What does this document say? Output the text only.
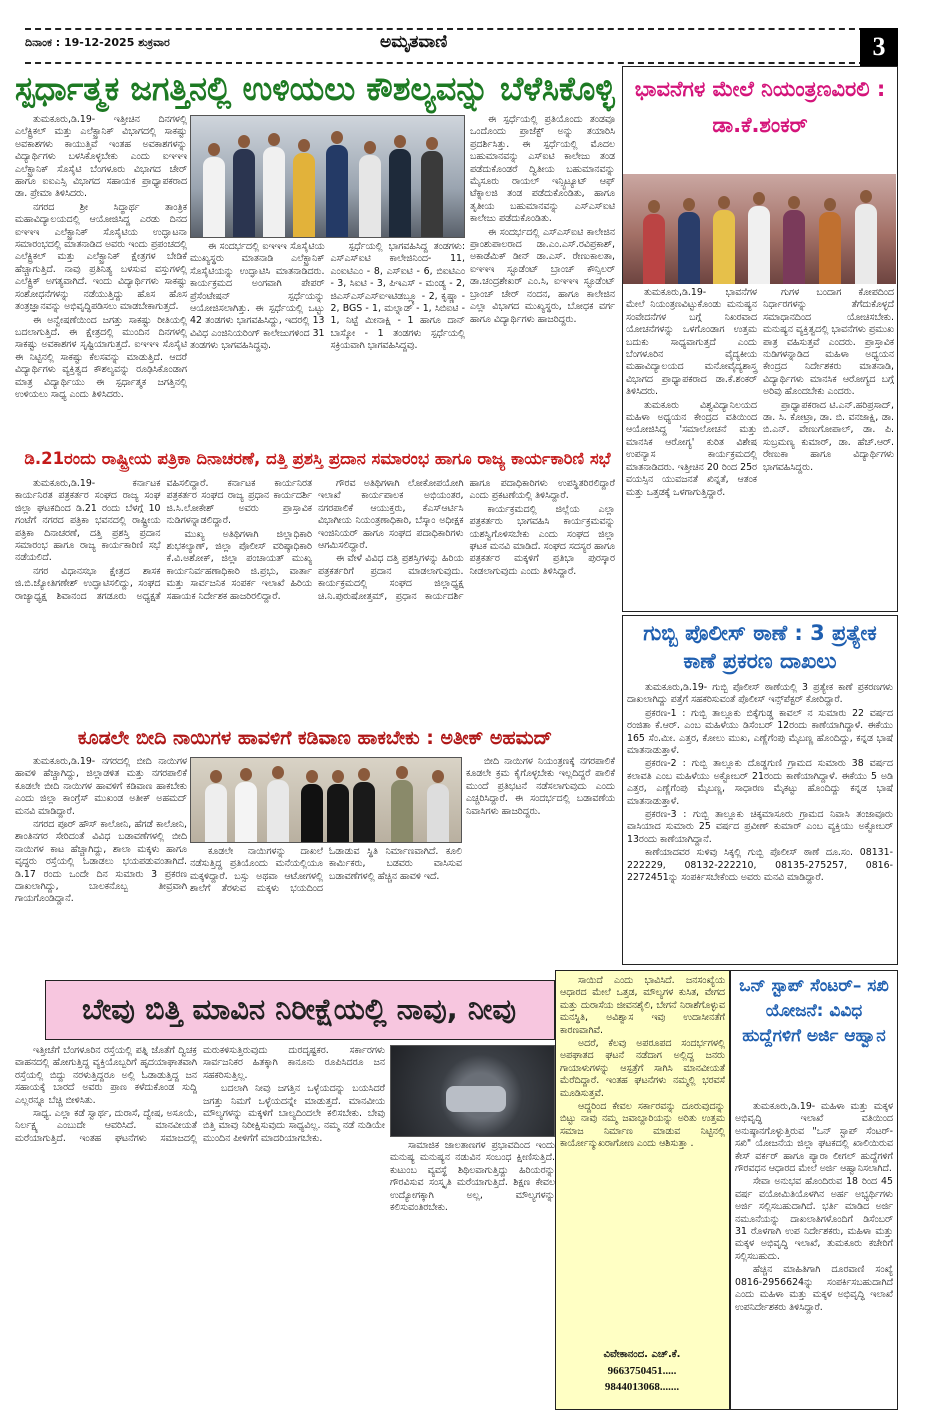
ದಿನಾಂಕ : 19-12-2025 ಶುಕ್ರವಾರ	ಅಮೃತವಾಣಿ	3
ಸ್ಪರ್ಧಾತ್ಮಕ ಜಗತ್ತಿನಲ್ಲಿ ಉಳಿಯಲು ಕೌಶಲ್ಯವನ್ನು ಬೆಳೆಸಿಕೊಳ್ಳಿ

ತುಮಕೂರು,ಡಿ.19- ಇತ್ತೀಚಿನ ದಿನಗಳಲ್ಲಿ ಎಲೆಕ್ಟ್ರಿಕಲ್ ಮತ್ತು ಎಲೆಕ್ಟ್ರಾನಿಕ್ ವಿಭಾಗದಲ್ಲಿ ಸಾಕಷ್ಟು ಅವಕಾಶಗಳು ಕಾಯುತ್ತಿವೆ ಇಂತಹ ಅವಕಾಶಗಳನ್ನು ವಿದ್ಯಾರ್ಥಿಗಳು ಬಳಸಿಕೊಳ್ಳಬೇಕು ಎಂದು ಐಇಇಇ ಎಲೆಕ್ಟ್ರಾನಿಕ್ ಸೊಸೈಟಿ ಬೆಂಗಳೂರು ವಿಭಾಗದ ಚೇರ್ ಹಾಗೂ ಐಐಎಸ್ಸಿ ವಿಭಾಗದ ಸಹಾಯಕ ಪ್ರಾಧ್ಯಾಪಕರಾದ ಡಾ. ಪ್ರೇಮಾ ತಿಳಿಸಿದರು.

ನಗರದ ಶ್ರೀ ಸಿದ್ಧಾರ್ಥ ತಾಂತ್ರಿಕ ಮಹಾವಿದ್ಯಾಲಯದಲ್ಲಿ ಆಯೋಜಿಸಿದ್ದ ಎರಡು ದಿನದ ಐಇಇಇ ಎಲೆಕ್ಟ್ರಾನಿಕ್ ಸೊಸೈಟಿಯ ಉದ್ಘಾಟನಾ ಸಮಾರಂಭದಲ್ಲಿ ಮಾತನಾಡಿದ ಅವರು ಇಂದು ಪ್ರಪಂಚದಲ್ಲಿ ಎಲೆಕ್ಟ್ರಿಕಲ್ ಮತ್ತು ಎಲೆಕ್ಟ್ರಾನಿಕ್ ಕ್ಷೇತ್ರಗಳ ಬೇಡಿಕೆ ಹೆಚ್ಚಾಗುತ್ತಿದೆ. ನಾವು ಪ್ರತಿನಿತ್ಯ ಬಳಸುವ ವಸ್ತುಗಳಲ್ಲಿ ಎಲೆಕ್ಟ್ರಿಕ್ ಅಗತ್ಯವಾಗಿದೆ. ಇಂದು ವಿದ್ಯಾರ್ಥಿಗಳು ಸಾಕಷ್ಟು ಸಂಶೋಧನೆಗಳನ್ನು ನಡೆಯುತ್ತಿದ್ದು ಹೊಸ ಹೊಸ ತಂತ್ರಜ್ಞಾನವನ್ನು ಅಭಿವೃದ್ಧಿಪಡಿಸಲು ಮಾಡಬೇಕಾಗುತ್ತದೆ.

ಈ ಅನ್ವೇಷಣೆಯಿಂದ ಜಗತ್ತು ಸಾಕಷ್ಟು ರೀತಿಯಲ್ಲಿ ಬದಲಾಗುತ್ತಿದೆ. ಈ ಕ್ಷೇತ್ರದಲ್ಲಿ ಮುಂದಿನ ದಿನಗಳಲ್ಲಿ ಸಾಕಷ್ಟು ಅವಕಾಶಗಳ ಸೃಷ್ಟಿಯಾಗುತ್ತದೆ. ಐಇಇಇ ಸೊಸೈಟಿ ಈ ನಿಟ್ಟಿನಲ್ಲಿ ಸಾಕಷ್ಟು ಕೆಲಸವನ್ನು ಮಾಡುತ್ತಿದೆ. ಆದರೆ ವಿದ್ಯಾರ್ಥಿಗಳು ವ್ಯಕ್ತಿತ್ವದ ಕೌಶಲ್ಯವನ್ನು ರೂಢಿಸಿಕೊಂಡಾಗ ಮಾತ್ರ ವಿದ್ಯಾರ್ಥಿಯು ಈ ಸ್ಪರ್ಧಾತ್ಮಕ ಜಗತ್ತಿನಲ್ಲಿ ಉಳಿಯಲು ಸಾಧ್ಯ ಎಂದು ತಿಳಿಸಿದರು.

ಈ ಸಂದರ್ಭದಲ್ಲಿ ಐಇಇಇ ಸೊಸೈಟಿಯ ಮುಖ್ಯಸ್ಥರು ಮಾತನಾಡಿ ಎಲೆಕ್ಟ್ರಾನಿಕ್ ಸೊಸೈಟಿಯನ್ನು ಉದ್ಘಾಟಿಸಿ ಮಾತನಾಡಿದರು. ಕಾರ್ಯಕ್ರಮದ ಅಂಗವಾಗಿ ಪೇಪರ್ ಪ್ರೆಸೆಂಟೇಷನ್ ಸ್ಪರ್ಧೆಯನ್ನು ಆಯೋಜಿಸಲಾಗಿತ್ತು. ಈ ಸ್ಪರ್ಧೆಯಲ್ಲಿ ಒಟ್ಟು 42 ತಂಡಗಳು ಭಾಗವಹಿಸಿದ್ದು, ಇದರಲ್ಲಿ 13 ವಿವಿಧ ಎಂಜಿನಿಯರಿಂಗ್ ಕಾಲೇಜುಗಳಿಂದ 31 ತಂಡಗಳು ಭಾಗವಹಿಸಿದ್ದವು.

ಸ್ಪರ್ಧೆಯಲ್ಲಿ ಭಾಗವಹಿಸಿದ್ದ ತಂಡಗಳು: ಎಸ್ಎಸ್ಐಟಿ ಕಾಲೇಜಿನಿಂದ- 11, ಎಂಐಟಿಎಂ - 8, ಎಸ್ಐಟಿ - 6, ಬಿಐಟಿಎಂ - 3, ಸಿಐಟಿ - 3, ಪಿಇಎಸ್ - ಮಂಡ್ಯ - 2, ಜಿಎಸ್ಎಸ್ಎಸ್ಐಇಟಿಡಬ್ಲ್ಯೂ - 2, ಕೃಷ್ಣಾ - 2, BGS - 1, ಮಲ್ನಾಡ್ - 1, ಸಿಬಿಐಟಿ - 1, ನಿಟ್ಟೆ ಮೀನಾಕ್ಷಿ - 1 ಹಾಗೂ ದಾನ್ ಬಾಸ್ಕೋ - 1 ತಂಡಗಳು ಸ್ಪರ್ಧೆಯಲ್ಲಿ ಸಕ್ರಿಯವಾಗಿ ಭಾಗವಹಿಸಿದ್ದವು.

ಈ ಸ್ಪರ್ಧೆಯಲ್ಲಿ ಪ್ರತಿಯೊಂದು ತಂಡವೂ ಒಂದೊಂದು ಪ್ರಾಜೆಕ್ಟ್ ಅನ್ನು ತಯಾರಿಸಿ ಪ್ರದರ್ಶಿಸಿತ್ತು. ಈ ಸ್ಪರ್ಧೆಯಲ್ಲಿ ಮೊದಲ ಬಹುಮಾನವನ್ನು ಎಸ್ಐಟಿ ಕಾಲೇಜು ತಂಡ ಪಡೆದುಕೊಂಡರೆ ದ್ವಿತೀಯ ಬಹುಮಾನವನ್ನು ಮೈಸೂರು ರಾಯಲ್ ಇನ್ಸ್ಟಿಟ್ಯೂಟ್ ಆಫ್ ಟೆಕ್ನಾಲಜಿ ತಂಡ ಪಡೆದುಕೊಂಡಿತು, ಹಾಗೂ ತೃತೀಯ ಬಹುಮಾನವನ್ನು ಎಸ್ಎಸ್ಐಟಿ ಕಾಲೇಜು ಪಡೆದುಕೊಂಡಿತು.

ಈ ಸಂದರ್ಭದಲ್ಲಿ ಎಸ್ಎಸ್ಐಟಿ ಕಾಲೇಜಿನ ಪ್ರಾಂಶುಪಾಲರಾದ ಡಾ.ಎಂ.ಎಸ್.ರವಿಪ್ರಕಾಶ್, ಅಕಾಡೆಮಿಕ್ ಡೀನ್ ಡಾ.ಎಸ್. ರೇಣುಕಾಲತಾ, ಐಇಇಇ ಸ್ಟೂಡೆಂಟ್ ಬ್ರಾಂಚ್ ಕೌನ್ಸಿಲರ್ ಡಾ.ಚಂದ್ರಶೇಖರ್ ಎಂ.ಸಿ, ಐಇಇಇ ಸ್ಟೂಡೆಂಟ್ ಬ್ರಾಂಚ್ ಚೇರ್ ನಂದನ, ಹಾಗೂ ಕಾಲೇಜಿನ ಎಲ್ಲಾ ವಿಭಾಗದ ಮುಖ್ಯಸ್ಥರು, ಬೋಧಕ ವರ್ಗ ಹಾಗೂ ವಿದ್ಯಾರ್ಥಿಗಳು ಹಾಜರಿದ್ದರು.

ಡಿ.21ರಂದು ರಾಷ್ಟ್ರೀಯ ಪತ್ರಿಕಾ ದಿನಾಚರಣೆ, ದತ್ತಿ ಪ್ರಶಸ್ತಿ ಪ್ರದಾನ ಸಮಾರಂಭ ಹಾಗೂ ರಾಜ್ಯ ಕಾರ್ಯಕಾರಿಣಿ ಸಭೆ

ತುಮಕೂರು,ಡಿ.19- ಕರ್ನಾಟಕ ಕಾರ್ಯನಿರತ ಪತ್ರಕರ್ತರ ಸಂಘದ ರಾಜ್ಯ ಸಂಘ ಜಿಲ್ಲಾ ಘಟಕದಿಂದ ಡಿ.21 ರಂದು ಬೆಳಗ್ಗೆ 10 ಗಂಟೆಗೆ ನಗರದ ಪತ್ರಿಕಾ ಭವನದಲ್ಲಿ ರಾಷ್ಟ್ರೀಯ ಪತ್ರಿಕಾ ದಿನಾಚರಣೆ, ದತ್ತಿ ಪ್ರಶಸ್ತಿ ಪ್ರದಾನ ಸಮಾರಂಭ ಹಾಗೂ ರಾಜ್ಯ ಕಾರ್ಯಕಾರಿಣಿ ಸಭೆ ನಡೆಯಲಿದೆ.

ನಗರ ವಿಧಾನಸಭಾ ಕ್ಷೇತ್ರದ ಶಾಸಕ ಜಿ.ಬಿ.ಜ್ಯೋತಿಗಣೇಶ್ ಉದ್ಘಾಟಿಸಲಿದ್ದು, ಸಂಘದ ರಾಜ್ಯಾಧ್ಯಕ್ಷ ಶಿವಾನಂದ ತಗಡೂರು ಅಧ್ಯಕ್ಷತೆ ವಹಿಸಲಿದ್ದಾರೆ. ಕರ್ನಾಟಕ ಕಾರ್ಯನಿರತ ಪತ್ರಕರ್ತರ ಸಂಘದ ರಾಜ್ಯ ಪ್ರಧಾನ ಕಾರ್ಯದರ್ಶಿ ಜಿ.ಸಿ.ಲೋಕೇಶ್ ಅವರು ಪ್ರಾಸ್ತಾವಿಕ ನುಡಿಗಳನ್ನಾಡಲಿದ್ದಾರೆ.

ಮುಖ್ಯ ಅತಿಥಿಗಳಾಗಿ ಜಿಲ್ಲಾಧಿಕಾರಿ ಶುಭಕಲ್ಯಾಣ್, ಜಿಲ್ಲಾ ಪೊಲೀಸ್ ವರಿಷ್ಠಾಧಿಕಾರಿ ಕೆ.ವಿ.ಅಶೋಕ್, ಜಿಲ್ಲಾ ಪಂಚಾಯತ್ ಮುಖ್ಯ ಕಾರ್ಯನಿರ್ವಹಣಾಧಿಕಾರಿ ಜಿ.ಪ್ರಭು, ವಾರ್ತಾ ಮತ್ತು ಸಾರ್ವಜನಿಕ ಸಂಪರ್ಕ ಇಲಾಖೆ ಹಿರಿಯ ಸಹಾಯಕ ನಿರ್ದೇಶಕ ಹಾಜರಿರಲಿದ್ದಾರೆ.

ಗೌರವ ಅತಿಥಿಗಳಾಗಿ ಲೋಕೋಪಯೋಗಿ ಇಲಾಖೆ ಕಾರ್ಯಪಾಲಕ ಅಭಿಯಂತರ, ನಗರಪಾಲಿಕೆ ಆಯುಕ್ತರು, ಕೆಎಸ್ಆರ್ಟಿಸಿ ವಿಭಾಗೀಯ ನಿಯಂತ್ರಣಾಧಿಕಾರಿ, ಬೆಸ್ಕಾಂ ಅಧೀಕ್ಷಕ ಇಂಜಿನಿಯರ್ ಹಾಗೂ ಸಂಘದ ಪದಾಧಿಕಾರಿಗಳು ಆಗಮಿಸಲಿದ್ದಾರೆ.

ಈ ವೇಳೆ ವಿವಿಧ ದತ್ತಿ ಪ್ರಶಸ್ತಿಗಳನ್ನು ಹಿರಿಯ ಪತ್ರಕರ್ತರಿಗೆ ಪ್ರದಾನ ಮಾಡಲಾಗುವುದು. ಕಾರ್ಯಕ್ರಮದಲ್ಲಿ ಸಂಘದ ಜಿಲ್ಲಾಧ್ಯಕ್ಷ ಚಿ.ನಿ.ಪುರುಷೋತ್ತಮ್, ಪ್ರಧಾನ ಕಾರ್ಯದರ್ಶಿ ಹಾಗೂ ಪದಾಧಿಕಾರಿಗಳು ಉಪಸ್ಥಿತರಿರಲಿದ್ದಾರೆ ಎಂದು ಪ್ರಕಟಣೆಯಲ್ಲಿ ತಿಳಿಸಿದ್ದಾರೆ.

ಕಾರ್ಯಕ್ರಮದಲ್ಲಿ ಜಿಲ್ಲೆಯ ಎಲ್ಲಾ ಪತ್ರಕರ್ತರು ಭಾಗವಹಿಸಿ ಕಾರ್ಯಕ್ರಮವನ್ನು ಯಶಸ್ವಿಗೊಳಿಸಬೇಕು ಎಂದು ಸಂಘದ ಜಿಲ್ಲಾ ಘಟಕ ಮನವಿ ಮಾಡಿದೆ. ಸಂಘದ ಸದಸ್ಯರ ಹಾಗೂ ಪತ್ರಕರ್ತರ ಮಕ್ಕಳಿಗೆ ಪ್ರತಿಭಾ ಪುರಸ್ಕಾರ ನೀಡಲಾಗುವುದು ಎಂದು ತಿಳಿಸಿದ್ದಾರೆ.

ಕೂಡಲೇ ಬೀದಿ ನಾಯಿಗಳ ಹಾವಳಿಗೆ ಕಡಿವಾಣ ಹಾಕಬೇಕು : ಅತೀಕ್ ಅಹಮದ್

ತುಮಕೂರು,ಡಿ.19- ನಗರದಲ್ಲಿ ಬೀದಿ ನಾಯಿಗಳ ಹಾವಳಿ ಹೆಚ್ಚಾಗಿದ್ದು, ಜಿಲ್ಲಾಡಳಿತ ಮತ್ತು ನಗರಪಾಲಿಕೆ ಕೂಡಲೇ ಬೀದಿ ನಾಯಿಗಳ ಹಾವಳಿಗೆ ಕಡಿವಾಣ ಹಾಕಬೇಕು ಎಂದು ಜಿಲ್ಲಾ ಕಾಂಗ್ರೆಸ್ ಮುಖಂಡ ಅತೀಕ್ ಅಹಮದ್ ಮನವಿ ಮಾಡಿದ್ದಾರೆ.

ನಗರದ ಪೂರ್ ಹೌಸ್ ಕಾಲೋನಿ, ಹೆಗಡೆ ಕಾಲೋನಿ, ಶಾಂತಿನಗರ ಸೇರಿದಂತೆ ವಿವಿಧ ಬಡಾವಣೆಗಳಲ್ಲಿ ಬೀದಿ ನಾಯಿಗಳ ಕಾಟ ಹೆಚ್ಚಾಗಿದ್ದು, ಶಾಲಾ ಮಕ್ಕಳು ಹಾಗೂ ವೃದ್ಧರು ರಸ್ತೆಯಲ್ಲಿ ಓಡಾಡಲು ಭಯಪಡುವಂತಾಗಿದೆ. ಡಿ.17 ರಂದು ಒಂದೇ ದಿನ ಸುಮಾರು 3 ಪ್ರಕರಣ ದಾಖಲಾಗಿದ್ದು, ಬಾಲಕನೊಬ್ಬ ತೀವ್ರವಾಗಿ ಗಾಯಗೊಂಡಿದ್ದಾನೆ.

ಕೂಡಲೇ ನಾಯಿಗಳನ್ನು ದಾಖಲೆ ನಡೆಸುತ್ತಿದ್ದ ಪ್ರತಿಯೊಂದು ಮನೆಯಲ್ಲಿಯೂ ಮಕ್ಕಳಿದ್ದಾರೆ. ಬಸ್ಸು ಅಥವಾ ಆಟೋಗಳಲ್ಲಿ ಶಾಲೆಗೆ ತೆರಳುವ ಮಕ್ಕಳು ಭಯದಿಂದ ಓಡಾಡುವ ಸ್ಥಿತಿ ನಿರ್ಮಾಣವಾಗಿದೆ. ಕೂಲಿ ಕಾರ್ಮಿಕರು, ಬಡವರು ವಾಸಿಸುವ ಬಡಾವಣೆಗಳಲ್ಲಿ ಹೆಚ್ಚಿನ ಹಾವಳಿ ಇದೆ.

ಬೀದಿ ನಾಯಿಗಳ ನಿಯಂತ್ರಣಕ್ಕೆ ನಗರಪಾಲಿಕೆ ಕೂಡಲೇ ಕ್ರಮ ಕೈಗೊಳ್ಳಬೇಕು ಇಲ್ಲದಿದ್ದರೆ ಪಾಲಿಕೆ ಮುಂದೆ ಪ್ರತಿಭಟನೆ ನಡೆಸಲಾಗುವುದು ಎಂದು ಎಚ್ಚರಿಸಿದ್ದಾರೆ. ಈ ಸಂದರ್ಭದಲ್ಲಿ ಬಡಾವಣೆಯ ನಿವಾಸಿಗಳು ಹಾಜರಿದ್ದರು.

ಭಾವನೆಗಳ ಮೇಲೆ ನಿಯಂತ್ರಣವಿರಲಿ : ಡಾ.ಕೆ.ಶಂಕರ್

ತುಮಕೂರು,ಡಿ.19- ಭಾವನೆಗಳ ಮೇಲೆ ನಿಯಂತ್ರಣವಿಟ್ಟುಕೊಂಡು ಮನುಷ್ಯನ ಸಂವೇದನೆಗಳ ಬಗ್ಗೆ ನಿಖರವಾದ ಯೋಚನೆಗಳನ್ನು ಒಳಗೊಂಡಾಗ ಉತ್ತಮ ಬದುಕು ಸಾಧ್ಯವಾಗುತ್ತದೆ ಎಂದು ಬೆಂಗಳೂರಿನ ವೈದ್ಯಕೀಯ ಮಹಾವಿದ್ಯಾಲಯದ ಮನೋವೈದ್ಯಶಾಸ್ತ್ರ ವಿಭಾಗದ ಪ್ರಾಧ್ಯಾಪಕರಾದ ಡಾ.ಕೆ.ಶಂಕರ್ ತಿಳಿಸಿದರು.

ತುಮಕೂರು ವಿಶ್ವವಿದ್ಯಾನಿಲಯದ ಮಹಿಳಾ ಅಧ್ಯಯನ ಕೇಂದ್ರದ ವತಿಯಿಂದ ಆಯೋಜಿಸಿದ್ದ 'ಸಮಾಲೋಚನೆ ಮತ್ತು ಮಾನಸಿಕ ಆರೋಗ್ಯ' ಕುರಿತ ವಿಶೇಷ ಉಪನ್ಯಾಸ ಕಾರ್ಯಕ್ರಮದಲ್ಲಿ ಮಾತನಾಡಿದರು. ಇತ್ತೀಚಿನ 20 ರಿಂದ 25ರ ವಯಸ್ಸಿನ ಯುವಜನತೆ ಖಿನ್ನತೆ, ಆತಂಕ ಮತ್ತು ಒತ್ತಡಕ್ಕೆ ಒಳಗಾಗುತ್ತಿದ್ದಾರೆ.

ಗುಗಳ ಬಂದಾಗ ಕೋಪದಿಂದ ನಿರ್ಧಾರಗಳನ್ನು ತೆಗೆದುಕೊಳ್ಳದೆ ಸಮಾಧಾನದಿಂದ ಯೋಚಿಸಬೇಕು. ಮನುಷ್ಯನ ವ್ಯಕ್ತಿತ್ವದಲ್ಲಿ ಭಾವನೆಗಳು ಪ್ರಮುಖ ಪಾತ್ರ ವಹಿಸುತ್ತವೆ ಎಂದರು. ಪ್ರಾಸ್ತಾವಿಕ ನುಡಿಗಳನ್ನಾಡಿದ ಮಹಿಳಾ ಅಧ್ಯಯನ ಕೇಂದ್ರದ ನಿರ್ದೇಶಕರು ಮಾತನಾಡಿ, ವಿದ್ಯಾರ್ಥಿಗಳು ಮಾನಸಿಕ ಆರೋಗ್ಯದ ಬಗ್ಗೆ ಅರಿವು ಹೊಂದಬೇಕು ಎಂದರು.

ಪ್ರಾಧ್ಯಾಪಕರಾದ ಟಿ.ಎನ್.ಹರಿಪ್ರಸಾದ್, ಡಾ. ಸಿ. ಕೋಟ್ರಾ, ಡಾ. ಬಿ. ವನಜಾಕ್ಷಿ, ಡಾ. ಬಿ.ಎನ್. ವೇಣುಗೋಪಾಲ್, ಡಾ. ಪಿ. ಸುಬ್ರಮಣ್ಯ ಕುಮಾರ್, ಡಾ. ಹೆಚ್.ಆರ್. ರೇಣುಕಾ ಹಾಗೂ ವಿದ್ಯಾರ್ಥಿಗಳು ಭಾಗವಹಿಸಿದ್ದರು.

ಗುಬ್ಬಿ ಪೊಲೀಸ್ ಠಾಣೆ : 3 ಪ್ರತ್ಯೇಕ ಕಾಣೆ ಪ್ರಕರಣ ದಾಖಲು

ತುಮಕೂರು,ಡಿ.19- ಗುಬ್ಬಿ ಪೊಲೀಸ್ ಠಾಣೆಯಲ್ಲಿ 3 ಪ್ರತ್ಯೇಕ ಕಾಣೆ ಪ್ರಕರಣಗಳು ದಾಖಲಾಗಿದ್ದು ಪತ್ತೆಗೆ ಸಹಕರಿಸುವಂತೆ ಪೊಲೀಸ್ ಇನ್ಸ್‌ಪೆಕ್ಟರ್ ಕೋರಿದ್ದಾರೆ.

ಪ್ರಕರಣ-1 : ಗುಬ್ಬಿ ತಾಲ್ಲೂಕು ಬಿಕ್ಕೆಗುಡ್ಡ ಕಾವಲ್ ನ ಸುಮಾರು 22 ವರ್ಷದ ರಂಜಿತಾ ಕೆ.ಆರ್. ಎಂಬ ಮಹಿಳೆಯು ಡಿಸೆಂಬರ್ 12ರಂದು ಕಾಣೆಯಾಗಿದ್ದಾಳೆ. ಈಕೆಯು 165 ಸೆಂ.ಮೀ. ಎತ್ತರ, ಕೋಲು ಮುಖ, ಎಣ್ಣೆಗೆಂಪು ಮೈಬಣ್ಣ ಹೊಂದಿದ್ದು, ಕನ್ನಡ ಭಾಷೆ ಮಾತನಾಡುತ್ತಾಳೆ.

ಪ್ರಕರಣ-2 : ಗುಬ್ಬಿ ತಾಲ್ಲೂಕು ದೊಡ್ಡಗುಣಿ ಗ್ರಾಮದ ಸುಮಾರು 38 ವರ್ಷದ ಕಲಾವತಿ ಎಂಬ ಮಹಿಳೆಯು ಅಕ್ಟೋಬರ್ 21ರಂದು ಕಾಣೆಯಾಗಿದ್ದಾಳೆ. ಈಕೆಯು 5 ಅಡಿ ಎತ್ತರ, ಎಣ್ಣೆಗೆಂಪು ಮೈಬಣ್ಣ, ಸಾಧಾರಣ ಮೈಕಟ್ಟು ಹೊಂದಿದ್ದು ಕನ್ನಡ ಭಾಷೆ ಮಾತನಾಡುತ್ತಾಳೆ.

ಪ್ರಕರಣ-3 : ಗುಬ್ಬಿ ತಾಲ್ಲೂಕು ಚಿಕ್ಕಮಾಸೂರು ಗ್ರಾಮದ ನಿವಾಸಿ ತಂಜಾವೂರು ವಾಸಿಯಾದ ಸುಮಾರು 25 ವರ್ಷದ ಪ್ರವೀಣ್ ಕುಮಾರ್ ಎಂಬ ವ್ಯಕ್ತಿಯು ಅಕ್ಟೋಬರ್ 13ರಂದು ಕಾಣೆಯಾಗಿದ್ದಾನೆ.

ಕಾಣೆಯಾದವರ ಸುಳಿವು ಸಿಕ್ಕಲ್ಲಿ ಗುಬ್ಬಿ ಪೊಲೀಸ್ ಠಾಣೆ ದೂ.ಸಂ. 08131-222229, 08132-222210, 08135-275257, 0816-2272451ನ್ನು ಸಂಪರ್ಕಿಸಬೇಕೆಂದು ಅವರು ಮನವಿ ಮಾಡಿದ್ದಾರೆ.

ಬೇವು ಬಿತ್ತಿ ಮಾವಿನ ನಿರೀಕ್ಷೆಯಲ್ಲಿ ನಾವು, ನೀವು

ಇತ್ತೀಚೆಗೆ ಬೆಂಗಳೂರಿನ ರಸ್ತೆಯಲ್ಲಿ ಪತ್ನಿ ಜೊತೆಗೆ ದ್ವಿಚಕ್ರ ವಾಹನದಲ್ಲಿ ಹೋಗುತ್ತಿದ್ದ ವ್ಯಕ್ತಿಯೊಬ್ಬರಿಗೆ ಹೃದಯಾಘಾತವಾಗಿ ರಸ್ತೆಯಲ್ಲಿ ಬಿದ್ದು ನರಳುತ್ತಿದ್ದರೂ ಅಲ್ಲಿ ಓಡಾಡುತ್ತಿದ್ದ ಜನ ಸಹಾಯಕ್ಕೆ ಬಾರದೆ ಅವರು ಪ್ರಾಣ ಕಳೆದುಕೊಂಡ ಸುದ್ದಿ ಎಲ್ಲರನ್ನೂ ಬೆಚ್ಚಿ ಬೀಳಿಸಿತು.

ಸಾಧ್ಯ. ಎಲ್ಲಾ ಕಡೆ ಸ್ವಾರ್ಥ, ದುರಾಸೆ, ದ್ವೇಷ, ಅಸೂಯೆ, ನಿರ್ಲಕ್ಷ್ಯ ಎಂಬುದೇ ಆವರಿಸಿದೆ. ಮಾನವೀಯತೆ ಮರೆಯಾಗುತ್ತಿದೆ. ಇಂತಹ ಘಟನೆಗಳು ಸಮಾಜದಲ್ಲಿ ಮರುಕಳಿಸುತ್ತಿರುವುದು ದುರದೃಷ್ಟಕರ. ಸರ್ಕಾರಗಳು ಸಾರ್ವಜನಿಕರ ಹಿತಕ್ಕಾಗಿ ಕಾನೂನು ರೂಪಿಸಿದರೂ ಜನ ಸಹಕರಿಸುತ್ತಿಲ್ಲ.

ಬದಲಾಗಿ ನೀವು ಜಗತ್ತಿನ ಒಳ್ಳೆಯದನ್ನು ಬಯಸಿದರೆ ಜಗತ್ತು ನಿಮಗೆ ಒಳ್ಳೆಯದನ್ನೇ ಮಾಡುತ್ತದೆ. ಮಾನವೀಯ ಮೌಲ್ಯಗಳನ್ನು ಮಕ್ಕಳಿಗೆ ಬಾಲ್ಯದಿಂದಲೇ ಕಲಿಸಬೇಕು. ಬೇವು ಬಿತ್ತಿ ಮಾವು ನಿರೀಕ್ಷಿಸುವುದು ಸಾಧ್ಯವಿಲ್ಲ. ನಮ್ಮ ನಡೆ ನುಡಿಯೇ ಮುಂದಿನ ಪೀಳಿಗೆಗೆ ಮಾದರಿಯಾಗಬೇಕು.

ಸಾಮಾಜಿಕ ಜಾಲತಾಣಗಳ ಪ್ರಭಾವದಿಂದ ಇಂದು ಮನುಷ್ಯ ಮನುಷ್ಯನ ನಡುವಿನ ಸಂಬಂಧ ಕ್ಷೀಣಿಸುತ್ತಿದೆ. ಕುಟುಂಬ ವ್ಯವಸ್ಥೆ ಶಿಥಿಲವಾಗುತ್ತಿದ್ದು ಹಿರಿಯರನ್ನು ಗೌರವಿಸುವ ಸಂಸ್ಕೃತಿ ಮರೆಯಾಗುತ್ತಿದೆ. ಶಿಕ್ಷಣ ಕೇವಲ ಉದ್ಯೋಗಕ್ಕಾಗಿ ಅಲ್ಲ, ಮೌಲ್ಯಗಳನ್ನು ಕಲಿಸುವಂತಿರಬೇಕು.

ಸಾಯಿದೆ ಎಂದು ಭಾವಿಸಿದೆ. ಜನಸಂಖ್ಯೆಯ ಆಧಾರದ ಮೇಲೆ ಒತ್ತಡ, ಮೌಲ್ಯಗಳ ಕುಸಿತ, ವೇಗದ ಮತ್ತು ದುರಾಸೆಯ ಜೀವನಶೈಲಿ, ಬೇಗನೆ ನಿರಾಶೆಗೊಳ್ಳುವ ಮನಸ್ಥಿತಿ, ಅವಿಶ್ವಾಸ ಇವು ಉದಾಸೀನತೆಗೆ ಕಾರಣವಾಗಿವೆ.

ಅದರೆ, ಕೆಲವು ಅಪರೂಪದ ಸಂದರ್ಭಗಳಲ್ಲಿ ಅಪಘಾತದ ಘಟನೆ ನಡೆದಾಗ ಅಲ್ಲಿದ್ದ ಜನರು ಗಾಯಾಳುಗಳನ್ನು ಆಸ್ಪತ್ರೆಗೆ ಸಾಗಿಸಿ ಮಾನವೀಯತೆ ಮೆರೆದಿದ್ದಾರೆ. ಇಂತಹ ಘಟನೆಗಳು ನಮ್ಮಲ್ಲಿ ಭರವಸೆ ಮೂಡಿಸುತ್ತವೆ.

ಆದ್ದರಿಂದ ಕೇವಲ ಸರ್ಕಾರವನ್ನು ದೂರುವುದನ್ನು ಬಿಟ್ಟು ನಾವು ನಮ್ಮ ಜವಾಬ್ದಾರಿಯನ್ನು ಅರಿತು ಉತ್ತಮ ಸಮಾಜ ನಿರ್ಮಾಣ ಮಾಡುವ ನಿಟ್ಟಿನಲ್ಲಿ ಕಾರ್ಯೋನ್ಮುಖರಾಗೋಣ ಎಂದು ಆಶಿಸುತ್ತಾ .

ವಿವೇಕಾನಂದ. ಎಚ್.ಕೆ.
9663750451.....
9844013068.......
ಒನ್ ಸ್ಟಾಪ್ ಸೆಂಟರ್– ಸಖಿ ಯೋಜನೆ: ವಿವಿಧ ಹುದ್ದೆಗಳಿಗೆ ಅರ್ಜಿ ಆಹ್ವಾನ

ತುಮಕೂರು,ಡಿ.19- ಮಹಿಳಾ ಮತ್ತು ಮಕ್ಕಳ ಅಭಿವೃದ್ಧಿ ಇಲಾಖೆ ವತಿಯಿಂದ ಅನುಷ್ಠಾನಗೊಳ್ಳುತ್ತಿರುವ "ಒನ್ ಸ್ಟಾಪ್ ಸೆಂಟರ್-ಸಖಿ" ಯೋಜನೆಯ ಜಿಲ್ಲಾ ಘಟಕದಲ್ಲಿ ಖಾಲಿಯಿರುವ ಕೇಸ್ ವರ್ಕರ್ ಹಾಗೂ ಪ್ಯಾರಾ ಲೀಗಲ್ ಹುದ್ದೆಗಳಿಗೆ ಗೌರವಧನ ಆಧಾರದ ಮೇಲೆ ಅರ್ಜಿ ಆಹ್ವಾನಿಸಲಾಗಿದೆ.

ಸೇವಾ ಅನುಭವ ಹೊಂದಿರುವ 18 ರಿಂದ 45 ವರ್ಷ ವಯೋಮಿತಿಯೊಳಗಿನ ಅರ್ಹ ಅಭ್ಯರ್ಥಿಗಳು ಅರ್ಜಿ ಸಲ್ಲಿಸಬಹುದಾಗಿದೆ. ಭರ್ತಿ ಮಾಡಿದ ಅರ್ಜಿ ನಮೂನೆಯನ್ನು ದಾಖಲಾತಿಗಳೊಂದಿಗೆ ಡಿಸೆಂಬರ್ 31 ರೊಳಗಾಗಿ ಉಪ ನಿರ್ದೇಶಕರು, ಮಹಿಳಾ ಮತ್ತು ಮಕ್ಕಳ ಅಭಿವೃದ್ಧಿ ಇಲಾಖೆ, ತುಮಕೂರು ಕಚೇರಿಗೆ ಸಲ್ಲಿಸಬಹುದು.

ಹೆಚ್ಚಿನ ಮಾಹಿತಿಗಾಗಿ ದೂರವಾಣಿ ಸಂಖ್ಯೆ 0816-2956624ನ್ನು ಸಂಪರ್ಕಿಸಬಹುದಾಗಿದೆ ಎಂದು ಮಹಿಳಾ ಮತ್ತು ಮಕ್ಕಳ ಅಭಿವೃದ್ಧಿ ಇಲಾಖೆ ಉಪನಿರ್ದೇಶಕರು ತಿಳಿಸಿದ್ದಾರೆ.
